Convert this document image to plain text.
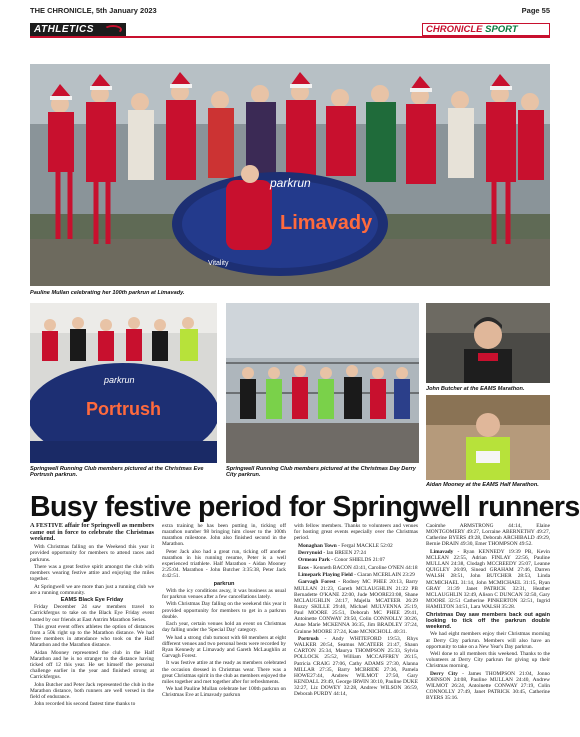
THE CHRONICLE, 5th January 2023	Page 55
ATHLETICS	CHRONICLE SPORT
parkrun
Limavady
Vitality
Pauline Mullan celebrating her 100th parkrun at Limavady.
parkrun
Portrush
Springwell Running Club members pictured at the Christmas Eve Portrush parkrun.
Springwell Running Club members pictured at the Christmas Day Derry City parkrun.
John Butcher at the EAMS Marathon.
Aidan Mooney at the EAMS Half Marathon.
Busy festive period for Springwell runners

A FESTIVE affair for Springwell as members came out in force to celebrate the Christmas weekend.

With Christmas falling on the Weekend this year it provided opportunity for members to attend races and parkruns.

There was a great festive spirit amongst the club with members wearing festive attire and enjoying the miles together.

At Springwell we are more than just a running club we are a running community.

EAMS Black Eye Friday

Friday December 24 saw members travel to Carrickfergus to take on the Black Eye Friday event hosted by our friends at East Antrim Marathon Series.

This great event offers athletes the option of distances from a 50k right up to the Marathon distance. We had three members in attendance who took on the Half Marathon and the Marathon distance.

Aidan Mooney represented the club in the Half Marathon and he is no stranger to the distance having ticked off 12 this year. He set himself the personal challenge earlier in the year and finished strong at Carrickfergus.

John Butcher and Peter Jack represented the club in the Marathon distance, both runners are well versed in the field of endurance.

John recorded his second fastest time thanks to

extra training he has been putting in, ticking off marathon number 98 bringing him closer to the 100th marathon milestone. John also finished second in the Marathon.

Peter Jack also had a great run, ticking off another marathon in his running resume, Peter is a well experienced triathlete. Half Marathon - Aidan Mooney 2:25:04. Marathon - John Butcher 3:35:38, Peter Jack 4:42:51.

parkrun

With the icy conditions away, it was business as usual for parkrun venues after a few cancellations lately.

With Christmas Day falling on the weekend this year it provided opportunity for members to get in a parkrun double.

Each year, certain venues hold an event on Christmas day falling under the 'Special Day' category.

We had a strong club turnout with 68 members at eight different venues and two personal bests were recorded by Ryan Kennedy at Limavady and Gareth McLaughlin at Garvagh Forest.

It was festive attire at the ready as members celebrated the occasion dressed in Christmas wear. There was a great Christmas spirit in the club as members enjoyed the miles together and met together after for refreshments.

We had Pauline Mullan celebrate her 100th parkrun on Christmas Eve at Limavady parkrun

with fellow members. Thanks to volunteers and venues for hosting great events especially over the Christmas period.

Monaghan Town - Fergal MACKLE 52:02

Derrynoid - Ian BREEN 27:24

Ormeau Park - Conor SHIELDS 21:07

Ecos - Kenneth BACON 43:41, Caroline O'NEN 44:18

Limepark Playing Field - Ciaran MCERLAIN 23:29

Garvagh Forest - Rodney MC PHEE 20:13, Barry MULLAN 21:23, Gareth MCLAUGHLIN 21:22 PB Bernadette O'KANE 22:00, Jude MOORE23:08, Shane MCLAUGHLIN 24:17, Majella MCATEER 26:29 Rozzy SKILLE 29:40, Michael MULVENNA 25:19, Paul MOORE 25:51, Deborah MC PHEE 29:41, Antoinette CONWAY 29:50, Colin CONNOLLY 30:26, Anne Marie MCKENNA 36:35, Jim BRADLEY 37:24, Grainne MOORE 37:24, Kate MCNICHOLL 40:31.

Portrush - Andy WHITEFORD 19:53, Rhys WALKER 20:54, Seamus MCATEER 21:47, Shaun CARTON 25:34, Maurya THOMPSON 25:33, Sylvia POLLOCK 25:52, William MCCAFFREY 26:15, Patricia CRAIG 27:06, Cathy ADAMS 27:30, Alanna MILLAR 27:35, Barry MCBRIDE 27:36, Pamela HOWE27:44, Andrew WILMOT 27:50, Gary KENDALL 29:49, George IRWIN 30:10, Pauline DUKE 32:27, Liz DOWEY 32:28, Andrew WILSON 36:59, Deborah PURDY 44:14,

Caoimhe ARMSTRONG 44:14, Elaine MONTGOMERY 49:27, Lorraine ABERNETHY 49:27, Catherine BYERS 49:28, Deborah ARCHIBALD 49:29, Bernie DRAIN 49:30, Emer THOMPSON 49:52.

Limavady - Ryan KENNEDY 19:39 PB, Kevin MCLEAN 22:55, Adrian FINLAY 22:56, Pauline MULLAN 24:38, Clodagh MCCREEDY 25:07, Leanne QUIGLEY 26:09, Sinead GRAHAM 27:46, Darren WALSH 28:51, John BUTCHER 28:53, Linda MCMICHAEL 31:14, John MCMICHAEL 31:15, Ryan GRAY 31:39 Janet PATRICK 32:31, Heather MCLAUGHLIN 32:49, Alison C DUNCAN 32:50, Gary MOORE 32:51 Catherine PINKERTON 32:51, Ingrid HAMILTON 34:51, Lara WALSH 35:28.

Christmas Day saw members back out again looking to tick off the parkrun double weekend.

We had eight members enjoy their Christmas morning at Derry City parkrun. Members will also have an opportunity to take on a New Year's Day parkrun.

Well done to all members this weekend. Thanks to the volunteers at Derry City parkrun for giving up their Christmas morning.

Derry City - James THOMPSON 21:04, Jonno JOHNSON 24:08, Pauline MULLAN 24:40, Andrew WILMOT 26:24, Antoinette CONWAY 27:19, Colin CONNOLLY 27:49, Janet PATRICK 30:45, Catherine BYERS 35:16.
